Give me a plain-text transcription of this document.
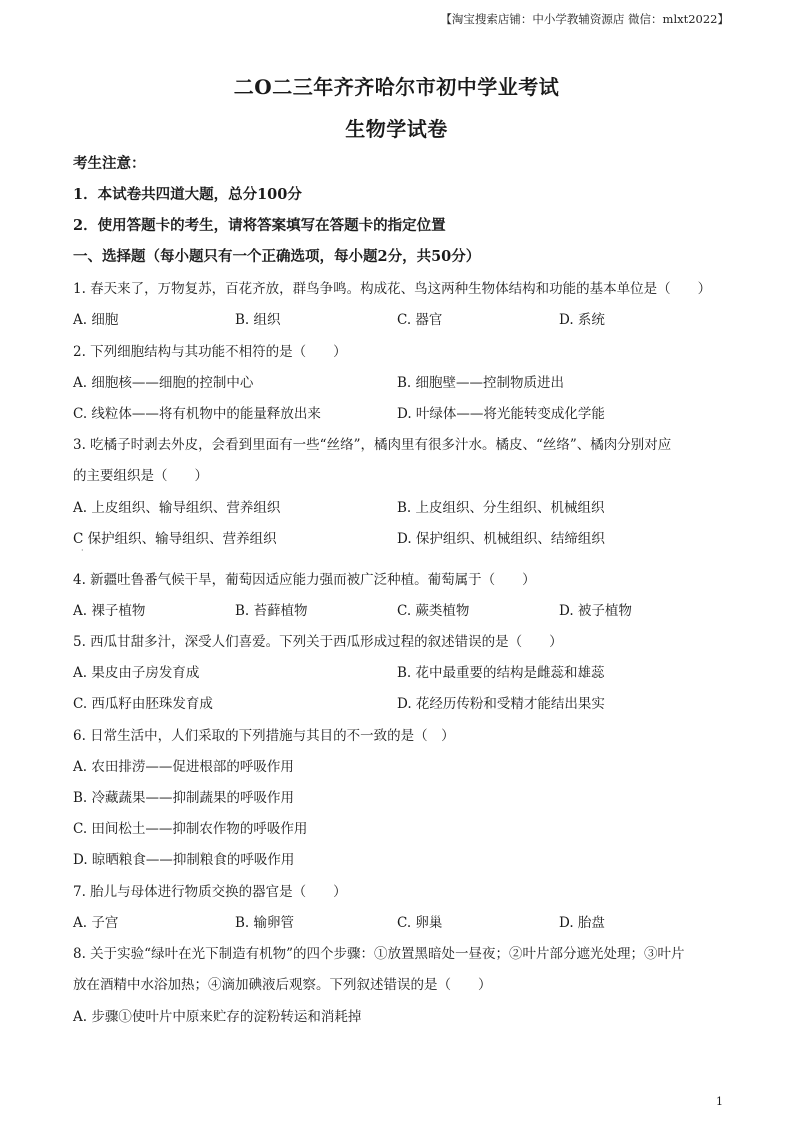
【淘宝搜索店铺：中小学教辅资源店 微信：mlxt2022】
二O二三年齐齐哈尔市初中学业考试
生物学试卷
考生注意：
1．本试卷共四道大题，总分100分
2．使用答题卡的考生，请将答案填写在答题卡的指定位置
一、选择题（每小题只有一个正确选项，每小题2分，共50分）
1. 春天来了，万物复苏，百花齐放，群鸟争鸣。构成花、鸟这两种生物体结构和功能的基本单位是（　　）
A. 细胞	B. 组织	C. 器官	D. 系统
2. 下列细胞结构与其功能不相符的是（　　）
A. 细胞核——细胞的控制中心	B. 细胞壁——控制物质进出
C. 线粒体——将有机物中的能量释放出来	D. 叶绿体——将光能转变成化学能
3. 吃橘子时剥去外皮，会看到里面有一些“丝络”，橘肉里有很多汁水。橘皮、“丝络”、橘肉分别对应
的主要组织是（　　）
A. 上皮组织、输导组织、营养组织	B. 上皮组织、分生组织、机械组织
C 保护组织、输导组织、营养组织	D. 保护组织、机械组织、结缔组织
·
4. 新疆吐鲁番气候干旱，葡萄因适应能力强而被广泛种植。葡萄属于（　　）
A. 裸子植物	B. 苔藓植物	C. 蕨类植物	D. 被子植物
5. 西瓜甘甜多汁，深受人们喜爱。下列关于西瓜形成过程的叙述错误的是（　　）
A. 果皮由子房发育成	B. 花中最重要的结构是雌蕊和雄蕊
C. 西瓜籽由胚珠发育成	D. 花经历传粉和受精才能结出果实
6. 日常生活中，人们采取的下列措施与其目的不一致的是（　）
A. 农田排涝——促进根部的呼吸作用
B. 冷藏蔬果——抑制蔬果的呼吸作用
C. 田间松土——抑制农作物的呼吸作用
D. 晾晒粮食——抑制粮食的呼吸作用
7. 胎儿与母体进行物质交换的器官是（　　）
A. 子宫	B. 输卵管	C. 卵巢	D. 胎盘
8. 关于实验“绿叶在光下制造有机物”的四个步骤：①放置黑暗处一昼夜；②叶片部分遮光处理；③叶片
放在酒精中水浴加热；④滴加碘液后观察。下列叙述错误的是（　　）
A. 步骤①使叶片中原来贮存的淀粉转运和消耗掉
1
